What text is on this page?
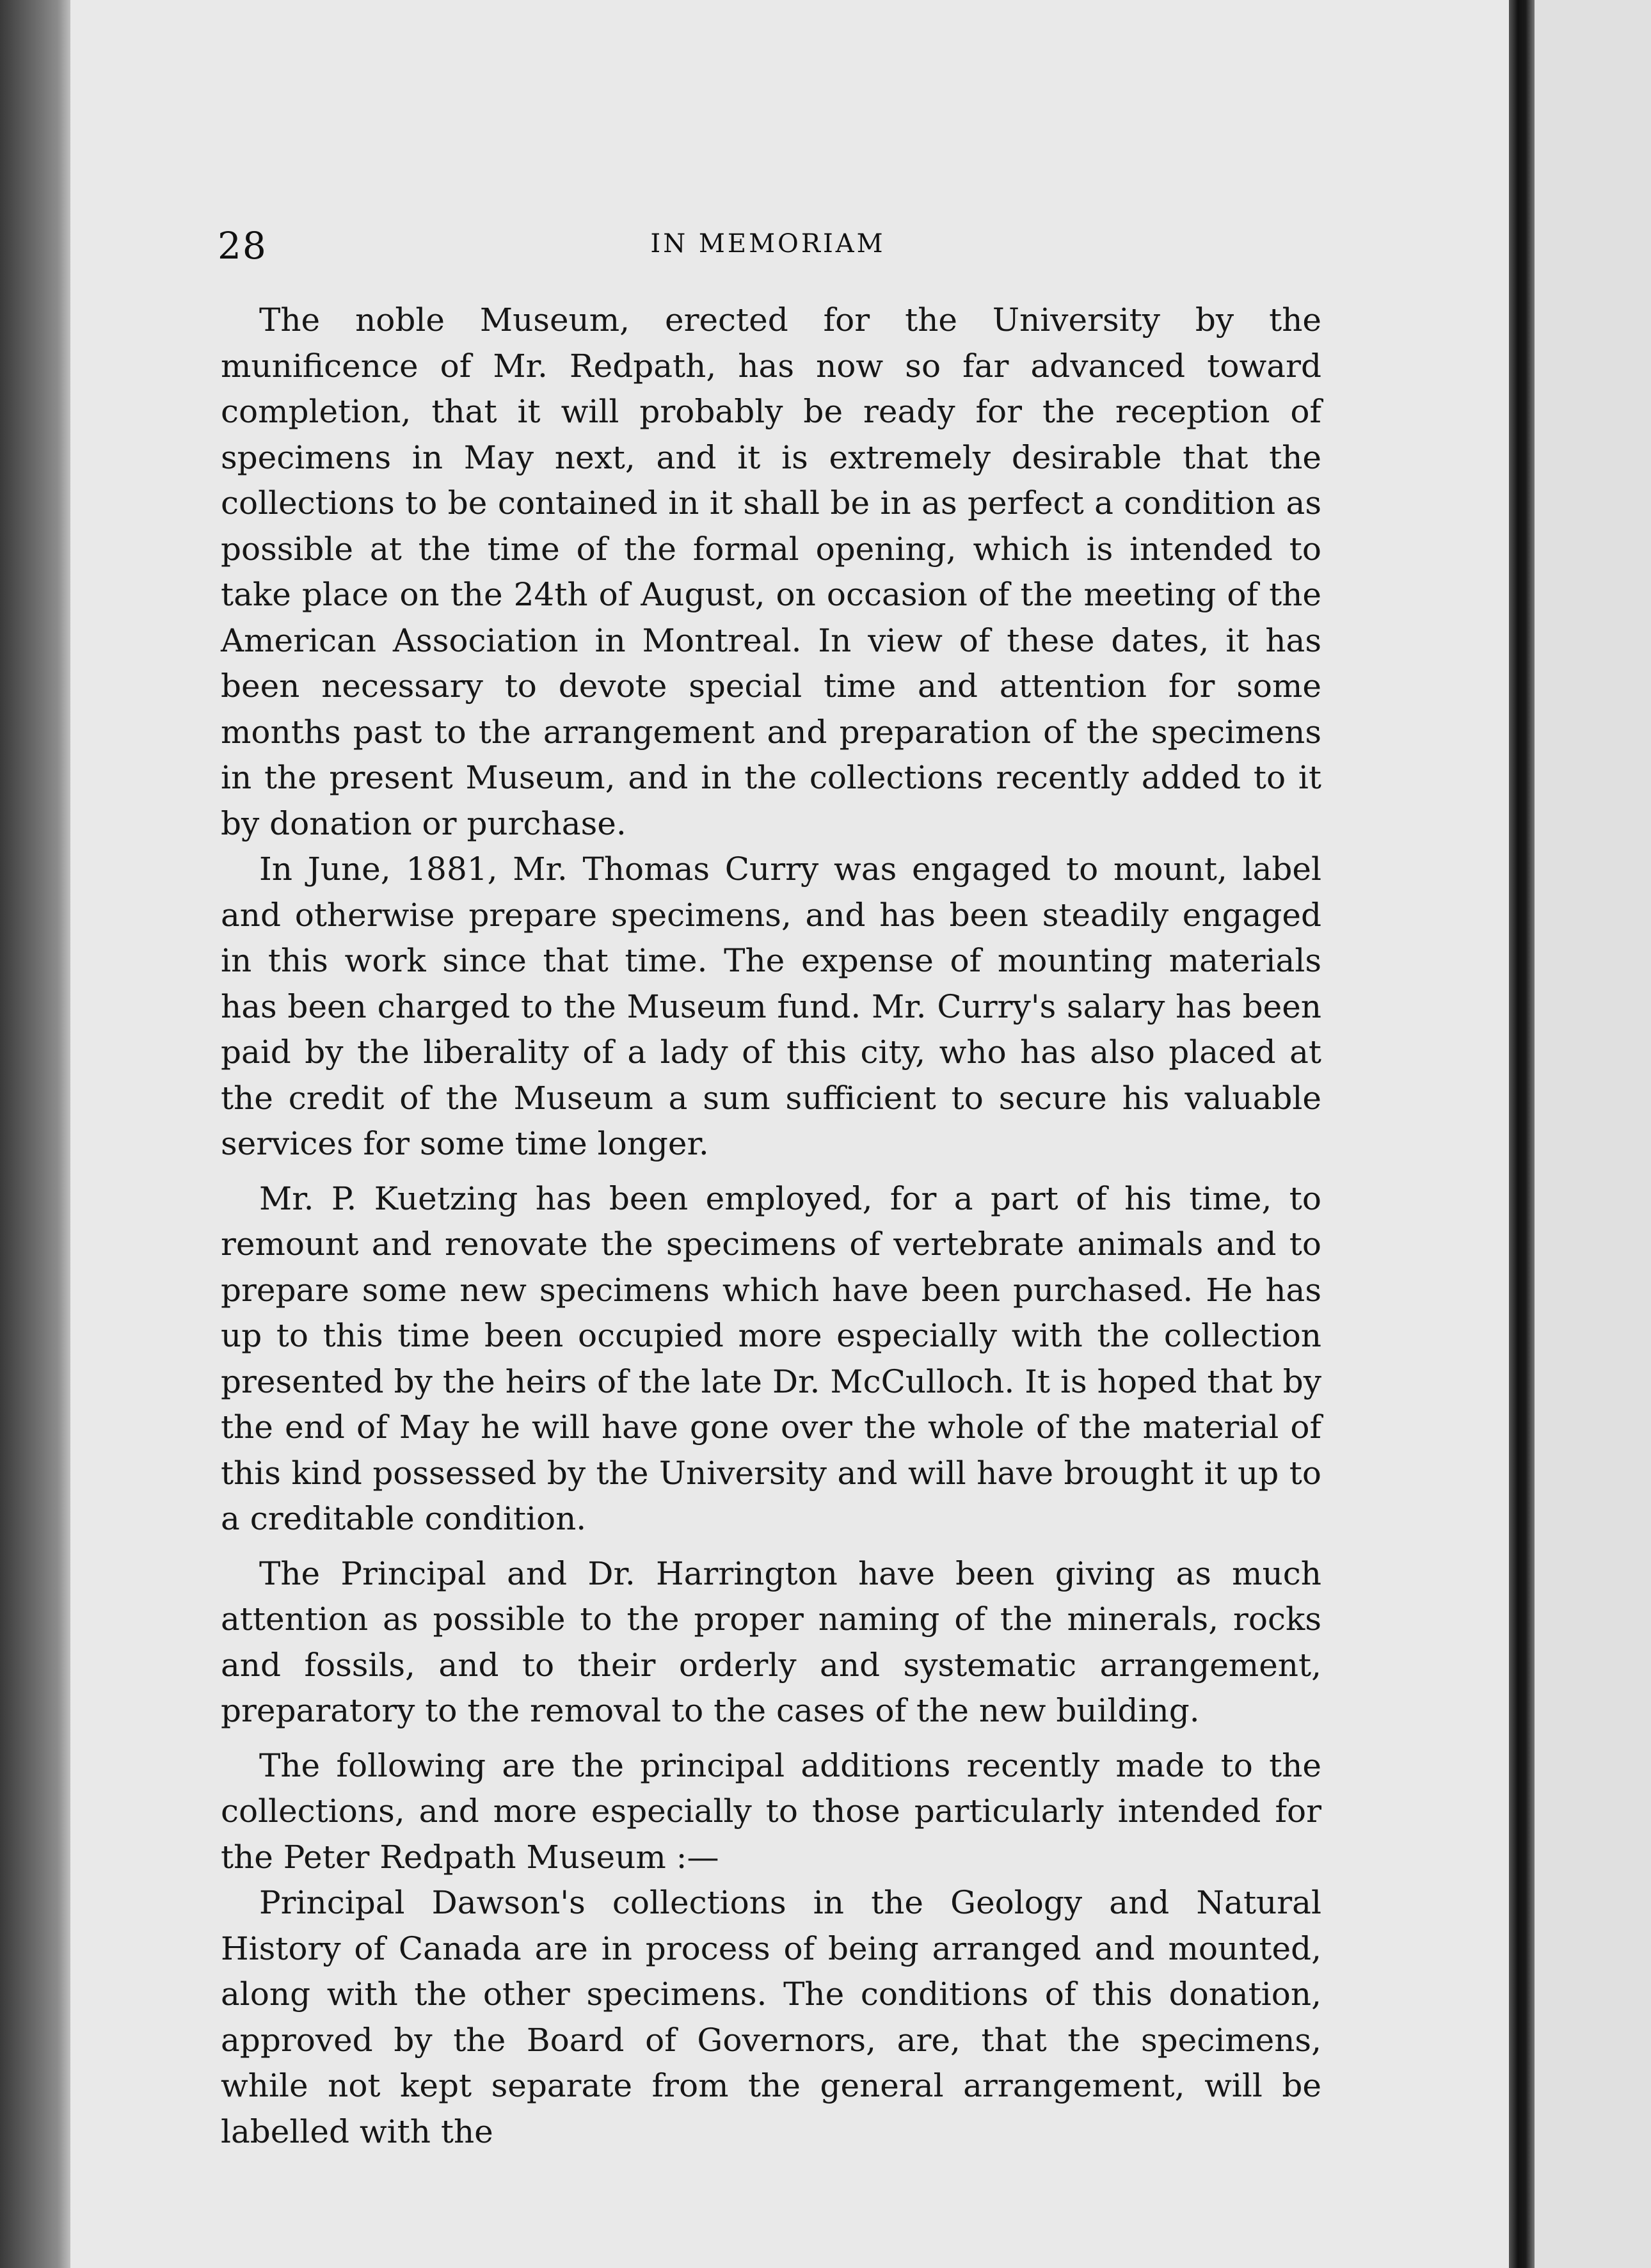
28	IN MEMORIAM

The noble Museum, erected for the University by the munificence of Mr. Redpath, has now so far advanced toward completion, that it will probably be ready for the reception of specimens in May next, and it is extremely desirable that the collections to be contained in it shall be in as perfect a condition as possible at the time of the formal opening, which is intended to take place on the 24th of August, on occasion of the meeting of the American Association in Montreal. In view of these dates, it has been necessary to devote special time and attention for some months past to the arrangement and preparation of the specimens in the present Museum, and in the collections recently added to it by donation or purchase.

In June, 1881, Mr. Thomas Curry was engaged to mount, label and otherwise prepare specimens, and has been steadily engaged in this work since that time. The expense of mounting materials has been charged to the Museum fund. Mr. Curry's salary has been paid by the liberality of a lady of this city, who has also placed at the credit of the Museum a sum sufficient to secure his valuable services for some time longer.

Mr. P. Kuetzing has been employed, for a part of his time, to remount and renovate the specimens of vertebrate animals and to prepare some new specimens which have been purchased. He has up to this time been occupied more especially with the collection presented by the heirs of the late Dr. McCulloch. It is hoped that by the end of May he will have gone over the whole of the material of this kind possessed by the University and will have brought it up to a creditable condition.

The Principal and Dr. Harrington have been giving as much attention as possible to the proper naming of the minerals, rocks and fossils, and to their orderly and systematic arrangement, preparatory to the removal to the cases of the new building.

The following are the principal additions recently made to the collections, and more especially to those particularly intended for the Peter Redpath Museum :—

Principal Dawson's collections in the Geology and Natural History of Canada are in process of being arranged and mounted, along with the other specimens. The conditions of this donation, approved by the Board of Governors, are, that the specimens, while not kept separate from the general arrangement, will be labelled with the
